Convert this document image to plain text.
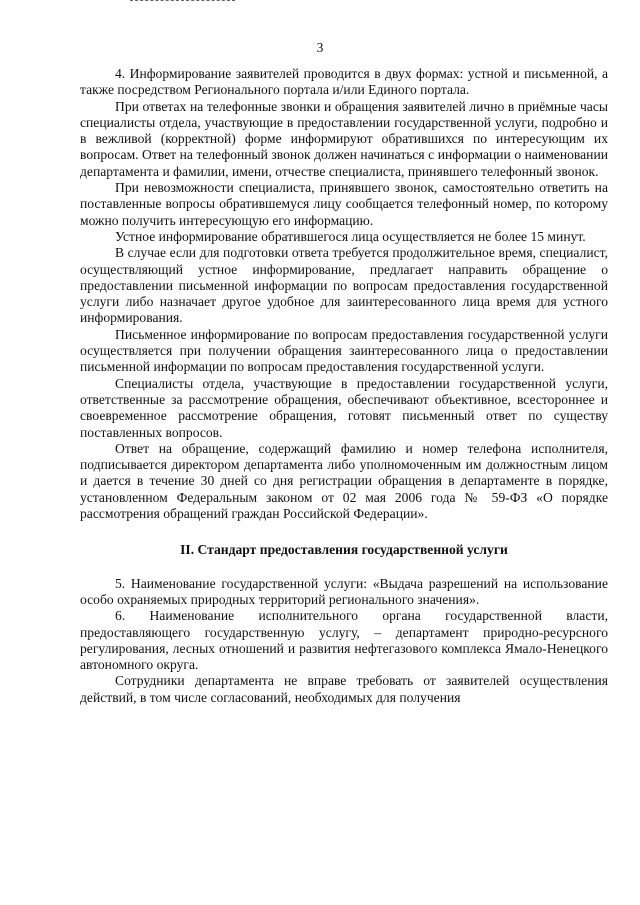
3

4. Информирование заявителей проводится в двух формах: устной и письменной, а также посредством Регионального портала и/или Единого портала.

При ответах на телефонные звонки и обращения заявителей лично в приёмные часы специалисты отдела, участвующие в предоставлении государственной услуги, подробно и в вежливой (корректной) форме информируют обратившихся по интересующим их вопросам. Ответ на телефонный звонок должен начинаться с информации о наименовании департамента и фамилии, имени, отчестве специалиста, принявшего телефонный звонок.

При невозможности специалиста, принявшего звонок, самостоятельно ответить на поставленные вопросы обратившемуся лицу сообщается телефонный номер, по которому можно получить интересующую его информацию.

Устное информирование обратившегося лица осуществляется не более 15 минут.

В случае если для подготовки ответа требуется продолжительное время, специалист, осуществляющий устное информирование, предлагает направить обращение о предоставлении письменной информации по вопросам предоставления государственной услуги либо назначает другое удобное для заинтересованного лица время для устного информирования.

Письменное информирование по вопросам предоставления государственной услуги осуществляется при получении обращения заинтересованного лица о предоставлении письменной информации по вопросам предоставления государственной услуги.

Специалисты отдела, участвующие в предоставлении государственной услуги, ответственные за рассмотрение обращения, обеспечивают объективное, всестороннее и своевременное рассмотрение обращения, готовят письменный ответ по существу поставленных вопросов.

Ответ на обращение, содержащий фамилию и номер телефона исполнителя, подписывается директором департамента либо уполномоченным им должностным лицом и дается в течение 30 дней со дня регистрации обращения в департаменте в порядке, установленном Федеральным законом от 02 мая 2006 года № 59-ФЗ «О порядке рассмотрения обращений граждан Российской Федерации».

II. Стандарт предоставления государственной услуги

5. Наименование государственной услуги: «Выдача разрешений на использование особо охраняемых природных территорий регионального значения».

6. Наименование исполнительного органа государственной власти, предоставляющего государственную услугу, – департамент природно-ресурсного регулирования, лесных отношений и развития нефтегазового комплекса Ямало-Ненецкого автономного округа.

Сотрудники департамента не вправе требовать от заявителей осуществления действий, в том числе согласований, необходимых для получения
